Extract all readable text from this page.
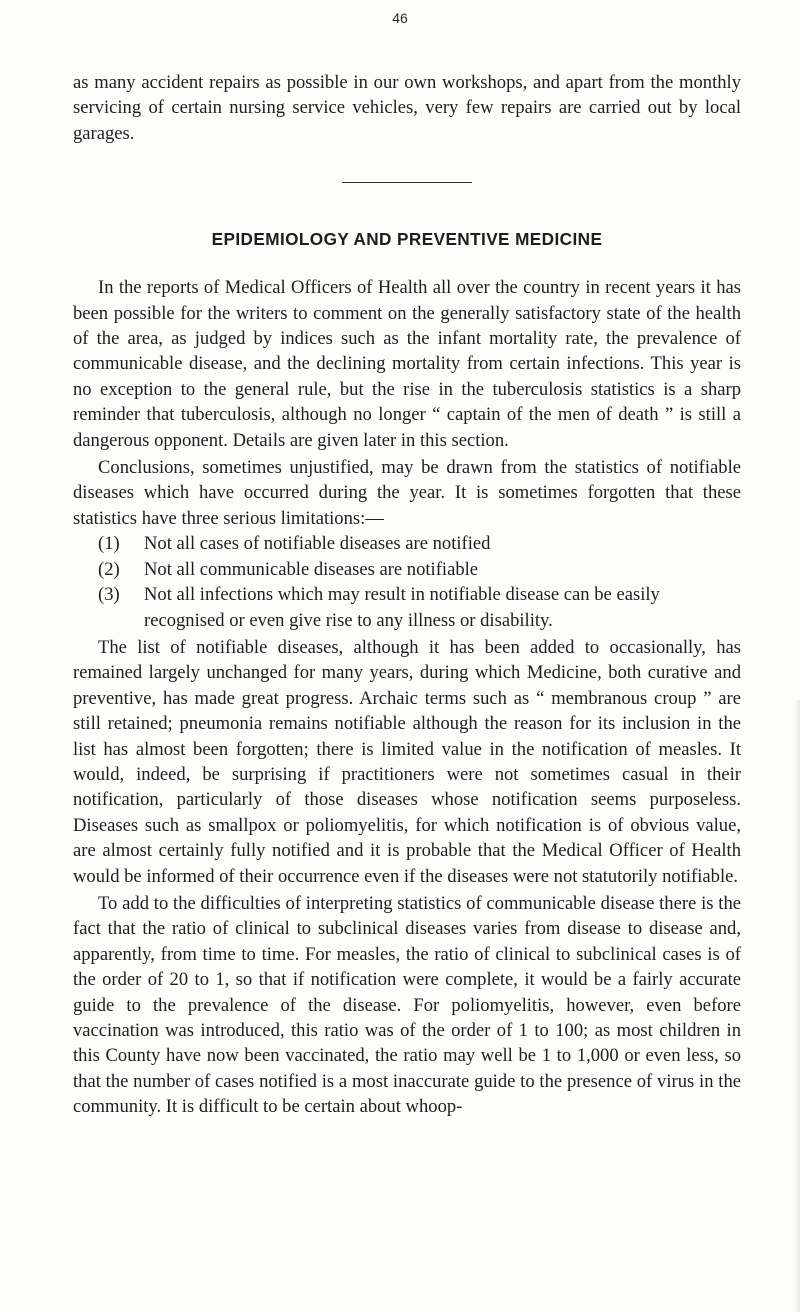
46

as many accident repairs as possible in our own workshops, and apart from the monthly servicing of certain nursing service vehicles, very few repairs are carried out by local garages.

EPIDEMIOLOGY AND PREVENTIVE MEDICINE

In the reports of Medical Officers of Health all over the country in recent years it has been possible for the writers to comment on the generally satisfactory state of the health of the area, as judged by indices such as the infant mortality rate, the prevalence of communicable disease, and the declining mortality from certain infections. This year is no exception to the general rule, but the rise in the tuberculosis statistics is a sharp reminder that tuberculosis, although no longer “ captain of the men of death ” is still a dangerous opponent. Details are given later in this section.

Conclusions, sometimes unjustified, may be drawn from the statistics of notifiable diseases which have occurred during the year. It is sometimes forgotten that these statistics have three serious limitations:—

(1) Not all cases of notifiable diseases are notified
(2) Not all communicable diseases are notifiable
(3) Not all infections which may result in notifiable disease can be easily recognised or even give rise to any illness or disability.

The list of notifiable diseases, although it has been added to occasionally, has remained largely unchanged for many years, during which Medicine, both curative and preventive, has made great progress. Archaic terms such as “ membranous croup ” are still retained; pneumonia remains notifiable although the reason for its inclusion in the list has almost been forgotten; there is limited value in the notification of measles. It would, indeed, be surprising if practitioners were not sometimes casual in their notification, particularly of those diseases whose notification seems purposeless. Diseases such as smallpox or poliomyelitis, for which notification is of obvious value, are almost certainly fully notified and it is probable that the Medical Officer of Health would be informed of their occurrence even if the diseases were not statutorily notifiable.

To add to the difficulties of interpreting statistics of communicable disease there is the fact that the ratio of clinical to subclinical diseases varies from disease to disease and, apparently, from time to time. For measles, the ratio of clinical to subclinical cases is of the order of 20 to 1, so that if notification were complete, it would be a fairly accurate guide to the prevalence of the disease. For poliomyelitis, however, even before vaccination was introduced, this ratio was of the order of 1 to 100; as most children in this County have now been vaccinated, the ratio may well be 1 to 1,000 or even less, so that the number of cases notified is a most inaccurate guide to the presence of virus in the community. It is difficult to be certain about whoop-
